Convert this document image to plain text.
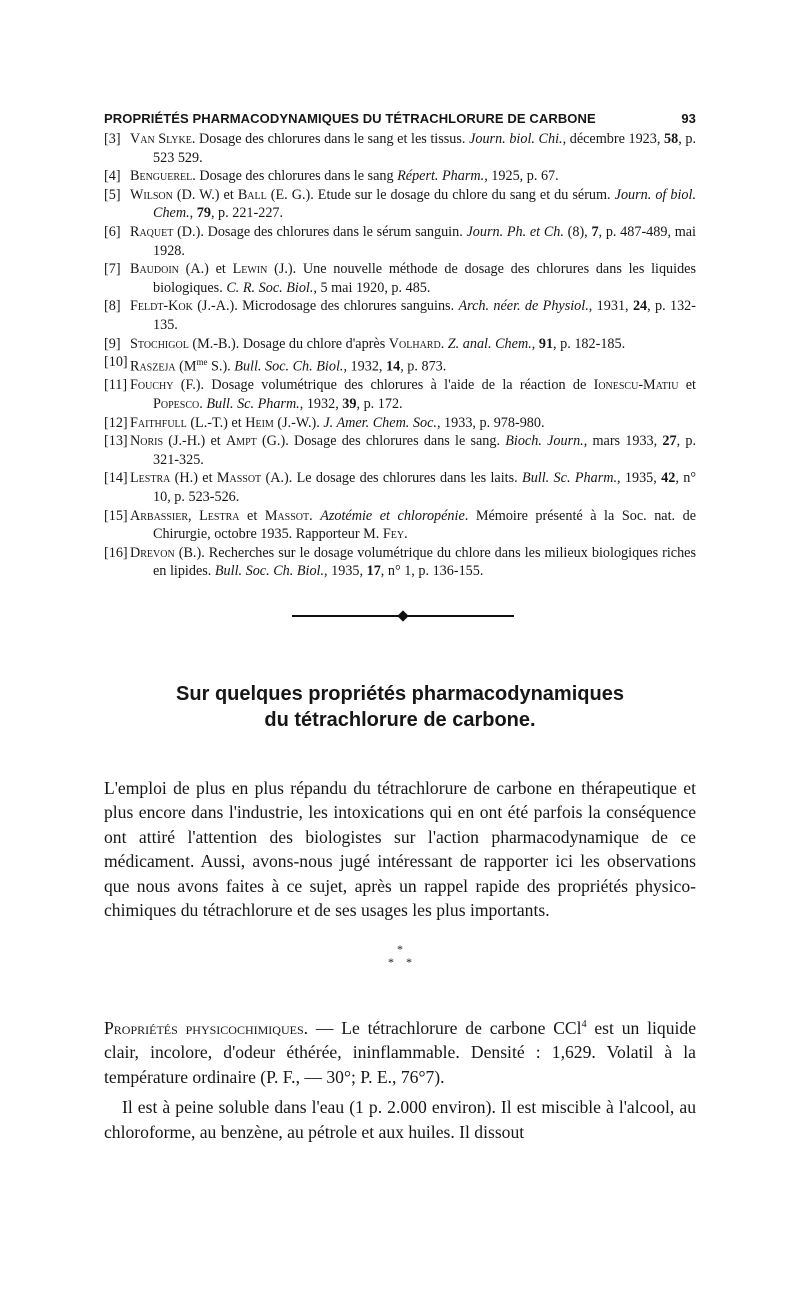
PROPRIÉTÉS PHARMACODYNAMIQUES DU TÉTRACHLORURE DE CARBONE	93
[3] Van Slyke. Dosage des chlorures dans le sang et les tissus. Journ. biol. Chi., décembre 1923, 58, p. 523 529.
[4] Benguerel. Dosage des chlorures dans le sang Répert. Pharm., 1925, p. 67.
[5] Wilson (D. W.) et Ball (E. G.). Etude sur le dosage du chlore du sang et du sérum. Journ. of biol. Chem., 79, p. 221-227.
[6] Raquet (D.). Dosage des chlorures dans le sérum sanguin. Journ. Ph. et Ch. (8), 7, p. 487-489, mai 1928.
[7] Baudoin (A.) et Lewin (J.). Une nouvelle méthode de dosage des chlorures dans les liquides biologiques. C. R. Soc. Biol., 5 mai 1920, p. 485.
[8] Feldt-Kok (J.-A.). Microdosage des chlorures sanguins. Arch. néer. de Physiol., 1931, 24, p. 132-135.
[9] Stochigol (M.-B.). Dosage du chlore d'après Volhard. Z. anal. Chem., 91, p. 182-185.
[10] Raszeja ($M^{me}$ S.). Bull. Soc. Ch. Biol., 1932, 14, p. 873.
[11] Fouchy (F.). Dosage volumétrique des chlorures à l'aide de la réaction de Ionescu-Matiu et Popesco. Bull. Sc. Pharm., 1932, 39, p. 172.
[12] Faithfull (L.-T.) et Heim (J.-W.). J. Amer. Chem. Soc., 1933, p. 978-980.
[13] Noris (J.-H.) et Ampt (G.). Dosage des chlorures dans le sang. Bioch. Journ., mars 1933, 27, p. 321-325.
[14] Lestra (H.) et Massot (A.). Le dosage des chlorures dans les laits. Bull. Sc. Pharm., 1935, 42, n° 10, p. 523-526.
[15] Arbassier, Lestra et Massot. Azotémie et chloropénie. Mémoire présenté à la Soc. nat. de Chirurgie, octobre 1935. Rapporteur M. Fey.
[16] Drevon (B.). Recherches sur le dosage volumétrique du chlore dans les milieux biologiques riches en lipides. Bull. Soc. Ch. Biol., 1935, 17, n° 1, p. 136-155.
Sur quelques propriétés pharmacodynamiques
du tétrachlorure de carbone.

L'emploi de plus en plus répandu du tétrachlorure de carbone en thérapeutique et plus encore dans l'industrie, les intoxications qui en ont été parfois la conséquence ont attiré l'attention des biologistes sur l'action pharmacodynamique de ce médicament. Aussi, avons-nous jugé intéressant de rapporter ici les observations que nous avons faites à ce sujet, après un rappel rapide des propriétés physico-chimiques du tétrachlorure et de ses usages les plus importants.

*
* *

Propriétés physicochimiques. — Le tétrachlorure de carbone CCl$^4$ est un liquide clair, incolore, d'odeur éthérée, ininflammable. Densité : 1,629. Volatil à la température ordinaire (P. F., — 30°; P. E., 76°7).

Il est à peine soluble dans l'eau (1 p. 2.000 environ). Il est miscible à l'alcool, au chloroforme, au benzène, au pétrole et aux huiles. Il dissout
